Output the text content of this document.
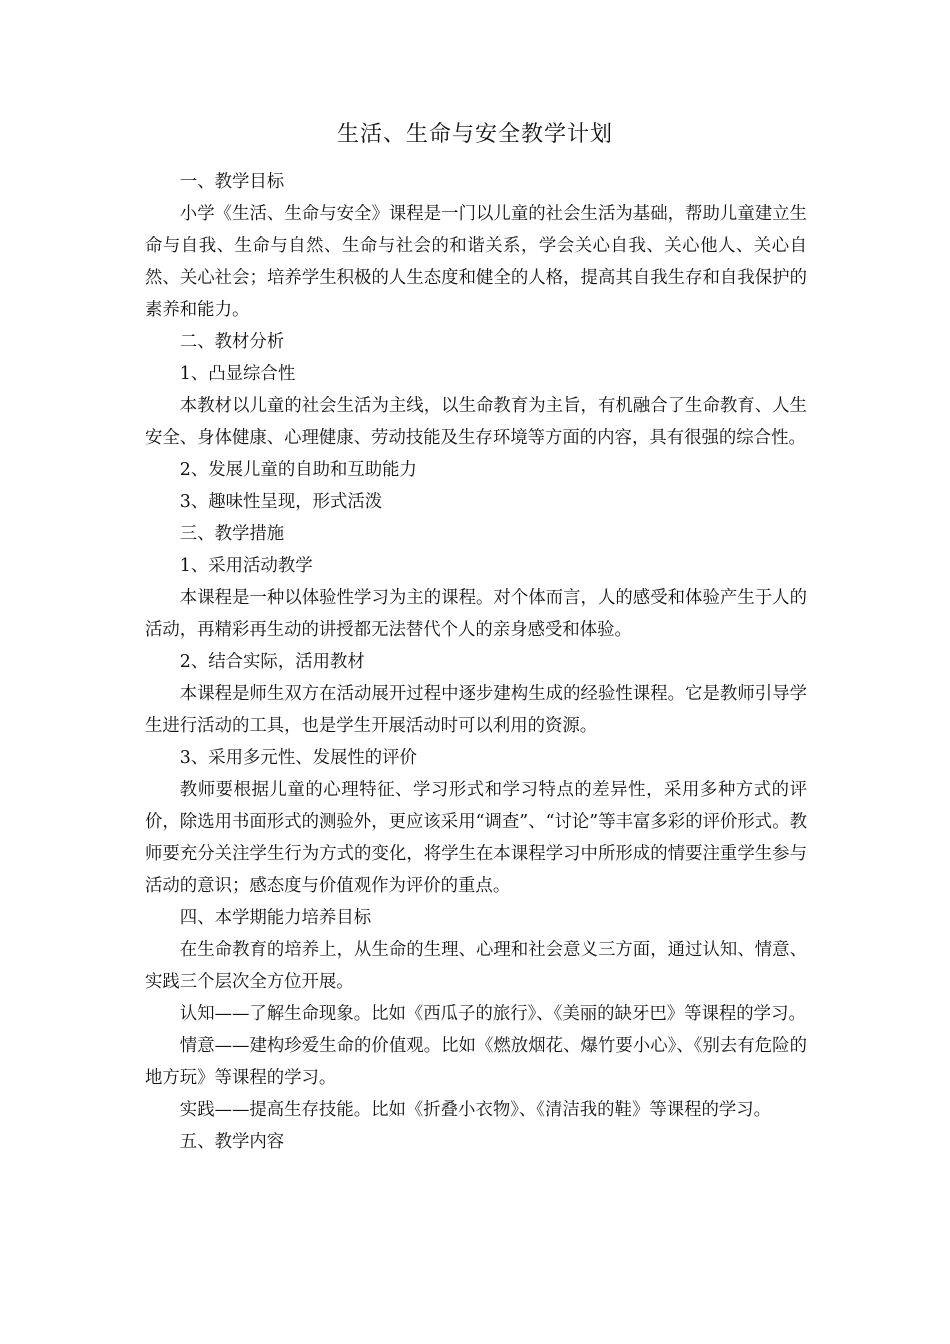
生活、生命与安全教学计划

一、教学目标

小学《生活、生命与安全》课程是一门以儿童的社会生活为基础，帮助儿童建立生命与自我、生命与自然、生命与社会的和谐关系，学会关心自我、关心他人、关心自然、关心社会；培养学生积极的人生态度和健全的人格，提高其自我生存和自我保护的素养和能力。

二、教材分析

1、凸显综合性

本教材以儿童的社会生活为主线，以生命教育为主旨，有机融合了生命教育、人生安全、身体健康、心理健康、劳动技能及生存环境等方面的内容，具有很强的综合性。

2、发展儿童的自助和互助能力

3、趣味性呈现，形式活泼

三、教学措施

1、采用活动教学

本课程是一种以体验性学习为主的课程。对个体而言，人的感受和体验产生于人的活动，再精彩再生动的讲授都无法替代个人的亲身感受和体验。

2、结合实际，活用教材

本课程是师生双方在活动展开过程中逐步建构生成的经验性课程。它是教师引导学生进行活动的工具，也是学生开展活动时可以利用的资源。

3、采用多元性、发展性的评价

教师要根据儿童的心理特征、学习形式和学习特点的差异性，采用多种方式的评价，除选用书面形式的测验外，更应该采用“调查”、“讨论”等丰富多彩的评价形式。教师要充分关注学生行为方式的变化，将学生在本课程学习中所形成的情要注重学生参与活动的意识；感态度与价值观作为评价的重点。

四、本学期能力培养目标

在生命教育的培养上，从生命的生理、心理和社会意义三方面，通过认知、情意、实践三个层次全方位开展。

认知——了解生命现象。比如《西瓜子的旅行》、《美丽的缺牙巴》等课程的学习。

情意——建构珍爱生命的价值观。比如《燃放烟花、爆竹要小心》、《别去有危险的地方玩》等课程的学习。

实践——提高生存技能。比如《折叠小衣物》、《清洁我的鞋》等课程的学习。

五、教学内容
